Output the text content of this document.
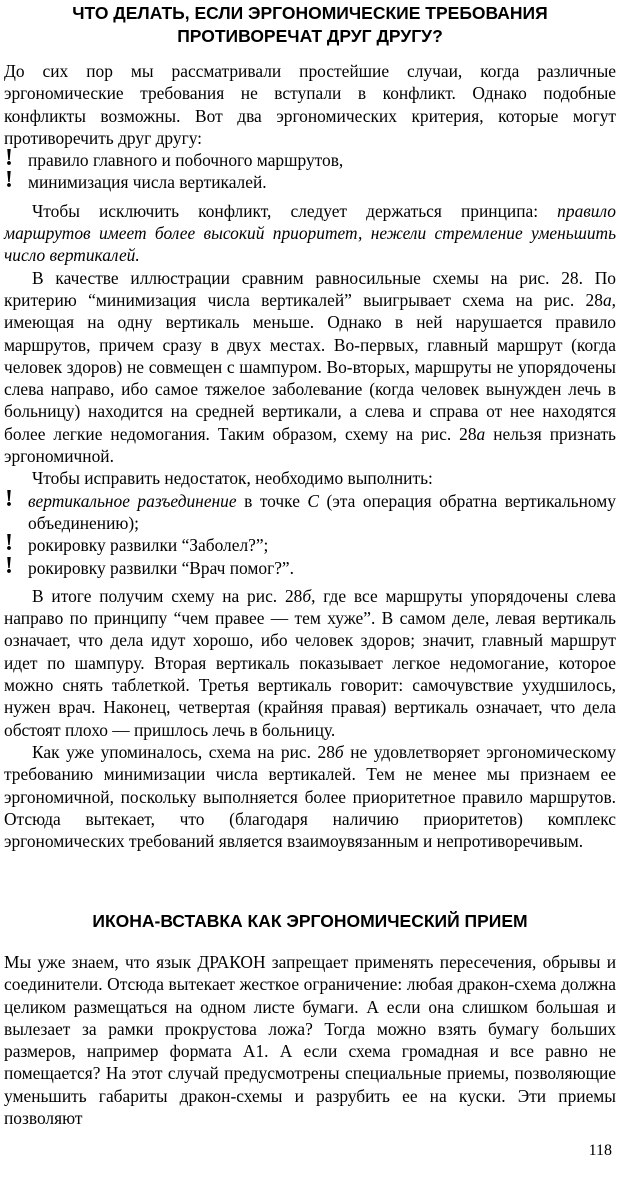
ЧТО ДЕЛАТЬ, ЕСЛИ ЭРГОНОМИЧЕСКИЕ ТРЕБОВАНИЯ
ПРОТИВОРЕЧАТ ДРУГ ДРУГУ?

До сих пор мы рассматривали простейшие случаи, когда различные эргономические требования не вступали в конфликт. Однако подобные конфликты возможны. Вот два эргономических критерия, которые могут противоречить друг другу:

! правило главного и побочного маршрутов,
! минимизация числа вертикалей.

Чтобы исключить конфликт, следует держаться принципа: правило маршрутов имеет более высокий приоритет, нежели стремление уменьшить число вертикалей.

В качестве иллюстрации сравним равносильные схемы на рис. 28. По критерию “минимизация числа вертикалей” выигрывает схема на рис. 28а, имеющая на одну вертикаль меньше. Однако в ней нарушается правило маршрутов, причем сразу в двух местах. Во-первых, главный маршрут (когда человек здоров) не совмещен с шампуром. Во-вторых, маршруты не упорядочены слева направо, ибо самое тяжелое заболевание (когда человек вынужден лечь в больницу) находится на средней вертикали, а слева и справа от нее находятся более легкие недомогания. Таким образом, схему на рис. 28а нельзя признать эргономичной.

Чтобы исправить недостаток, необходимо выполнить:

! вертикальное разъединение в точке С (эта операция обратна вертикальному объединению);
! рокировку развилки “Заболел?”;
! рокировку развилки “Врач помог?”.

В итоге получим схему на рис. 28б, где все маршруты упорядочены слева направо по принципу “чем правее — тем хуже”. В самом деле, левая вертикаль означает, что дела идут хорошо, ибо человек здоров; значит, главный маршрут идет по шампуру. Вторая вертикаль показывает легкое недомогание, которое можно снять таблеткой. Третья вертикаль говорит: самочувствие ухудшилось, нужен врач. Наконец, четвертая (крайняя правая) вертикаль означает, что дела обстоят плохо — пришлось лечь в больницу.

Как уже упоминалось, схема на рис. 28б не удовлетворяет эргономическому требованию минимизации числа вертикалей. Тем не менее мы признаем ее эргономичной, поскольку выполняется более приоритетное правило маршрутов. Отсюда вытекает, что (благодаря наличию приоритетов) комплекс эргономических требований является взаимоувязанным и непротиворечивым.

ИКОНА-ВСТАВКА КАК ЭРГОНОМИЧЕСКИЙ ПРИЕМ

Мы уже знаем, что язык ДРАКОН запрещает применять пересечения, обрывы и соединители. Отсюда вытекает жесткое ограничение: любая дракон-схема должна целиком размещаться на одном листе бумаги. А если она слишком большая и вылезает за рамки прокрустова ложа? Тогда можно взять бумагу больших размеров, например формата А1. А если схема громадная и все равно не помещается? На этот случай предусмотрены специальные приемы, позволяющие уменьшить габариты дракон-схемы и разрубить ее на куски. Эти приемы позволяют

118
